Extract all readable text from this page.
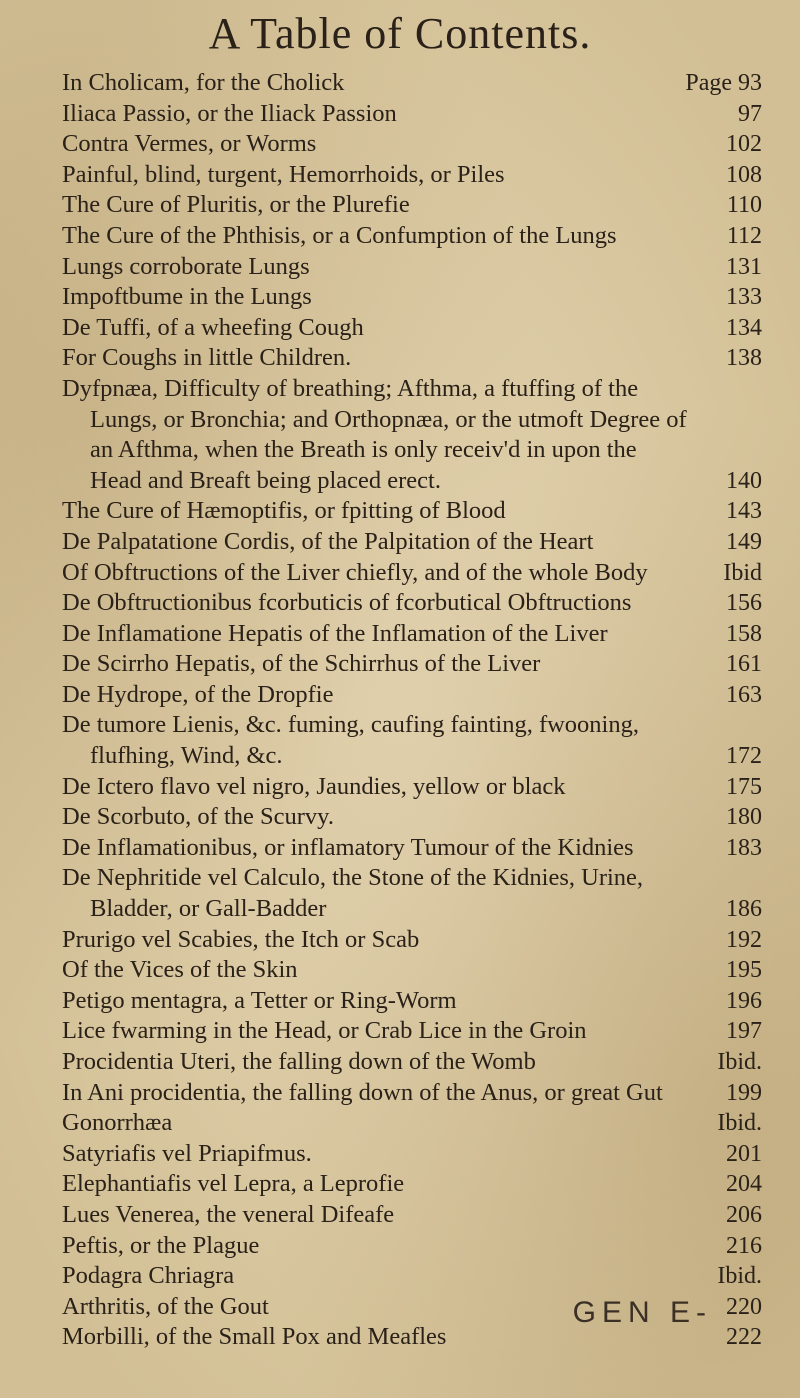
A Table of Contents.
In Cholicam, for the Cholick	Page 93
Iliaca Passio, or the Iliack Passion	97
Contra Vermes, or Worms	102
Painful, blind, turgent, Hemorrhoids, or Piles	108
The Cure of Pluritis, or the Plurefie	110
The Cure of the Phthisis, or a Confumption of the Lungs	112
Lungs corroborate Lungs	131
Impoftbume in the Lungs	133
De Tuffi, of a wheefing Cough	134
For Coughs in little Children.	138
Dyfpnæa, Difficulty of breathing; Afthma, a ftuffing of the
Lungs, or Bronchia; and Orthopnæa, or the utmoft Degree of
an Afthma, when the Breath is only receiv'd in upon the
Head and Breaft being placed erect.	140
The Cure of Hæmoptifis, or fpitting of Blood	143
De Palpatatione Cordis, of the Palpitation of the Heart	149
Of Obftructions of the Liver chiefly, and of the whole Body	Ibid
De Obftructionibus fcorbuticis of fcorbutical Obftructions	156
De Inflamatione Hepatis of the Inflamation of the Liver	158
De Scirrho Hepatis, of the Schirrhus of the Liver	161
De Hydrope, of the Dropfie	163
De tumore Lienis, &c. fuming, caufing fainting, fwooning,
flufhing, Wind, &c.	172
De Ictero flavo vel nigro, Jaundies, yellow or black	175
De Scorbuto, of the Scurvy.	180
De Inflamationibus, or inflamatory Tumour of the Kidnies	183
De Nephritide vel Calculo, the Stone of the Kidnies, Urine,
Bladder, or Gall-Badder	186
Prurigo vel Scabies, the Itch or Scab	192
Of the Vices of the Skin	195
Petigo mentagra, a Tetter or Ring-Worm	196
Lice fwarming in the Head, or Crab Lice in the Groin	197
Procidentia Uteri, the falling down of the Womb	Ibid.
In Ani procidentia, the falling down of the Anus, or great Gut	199
Gonorrhæa	Ibid.
Satyriafis vel Priapifmus.	201
Elephantiafis vel Lepra, a Leprofie	204
Lues Venerea, the veneral Difeafe	206
Peftis, or the Plague	216
Podagra Chriagra	Ibid.
Arthritis, of the Gout	220
Morbilli, of the Small Pox and Meafles	222
GEN E-
